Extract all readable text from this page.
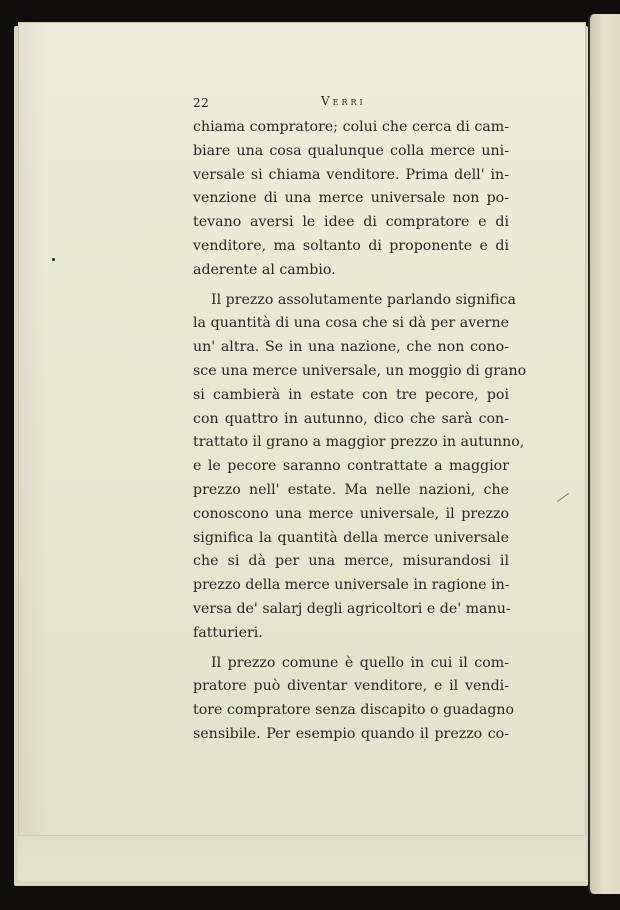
22	Verri

chiama compratore; colui che cerca di cam-
biare una cosa qualunque colla merce uni-
versale si chiama venditore. Prima dell' in-
venzione di una merce universale non po-
tevano aversi le idee di compratore e di
venditore, ma soltanto di proponente e di
aderente al cambio.

Il prezzo assolutamente parlando significa
la quantità di una cosa che si dà per averne
un' altra. Se in una nazione, che non cono-
sce una merce universale, un moggio di grano
si cambierà in estate con tre pecore, poi
con quattro in autunno, dico che sarà con-
trattato il grano a maggior prezzo in autunno,
e le pecore saranno contrattate a maggior
prezzo nell' estate. Ma nelle nazioni, che
conoscono una merce universale, il prezzo
significa la quantità della merce universale
che si dà per una merce, misurandosi il
prezzo della merce universale in ragione in-
versa de' salarj degli agricoltori e de' manu-
fatturieri.

Il prezzo comune è quello in cui il com-
pratore può diventar venditore, e il vendi-
tore compratore senza discapito o guadagno
sensibile. Per esempio quando il prezzo co-
